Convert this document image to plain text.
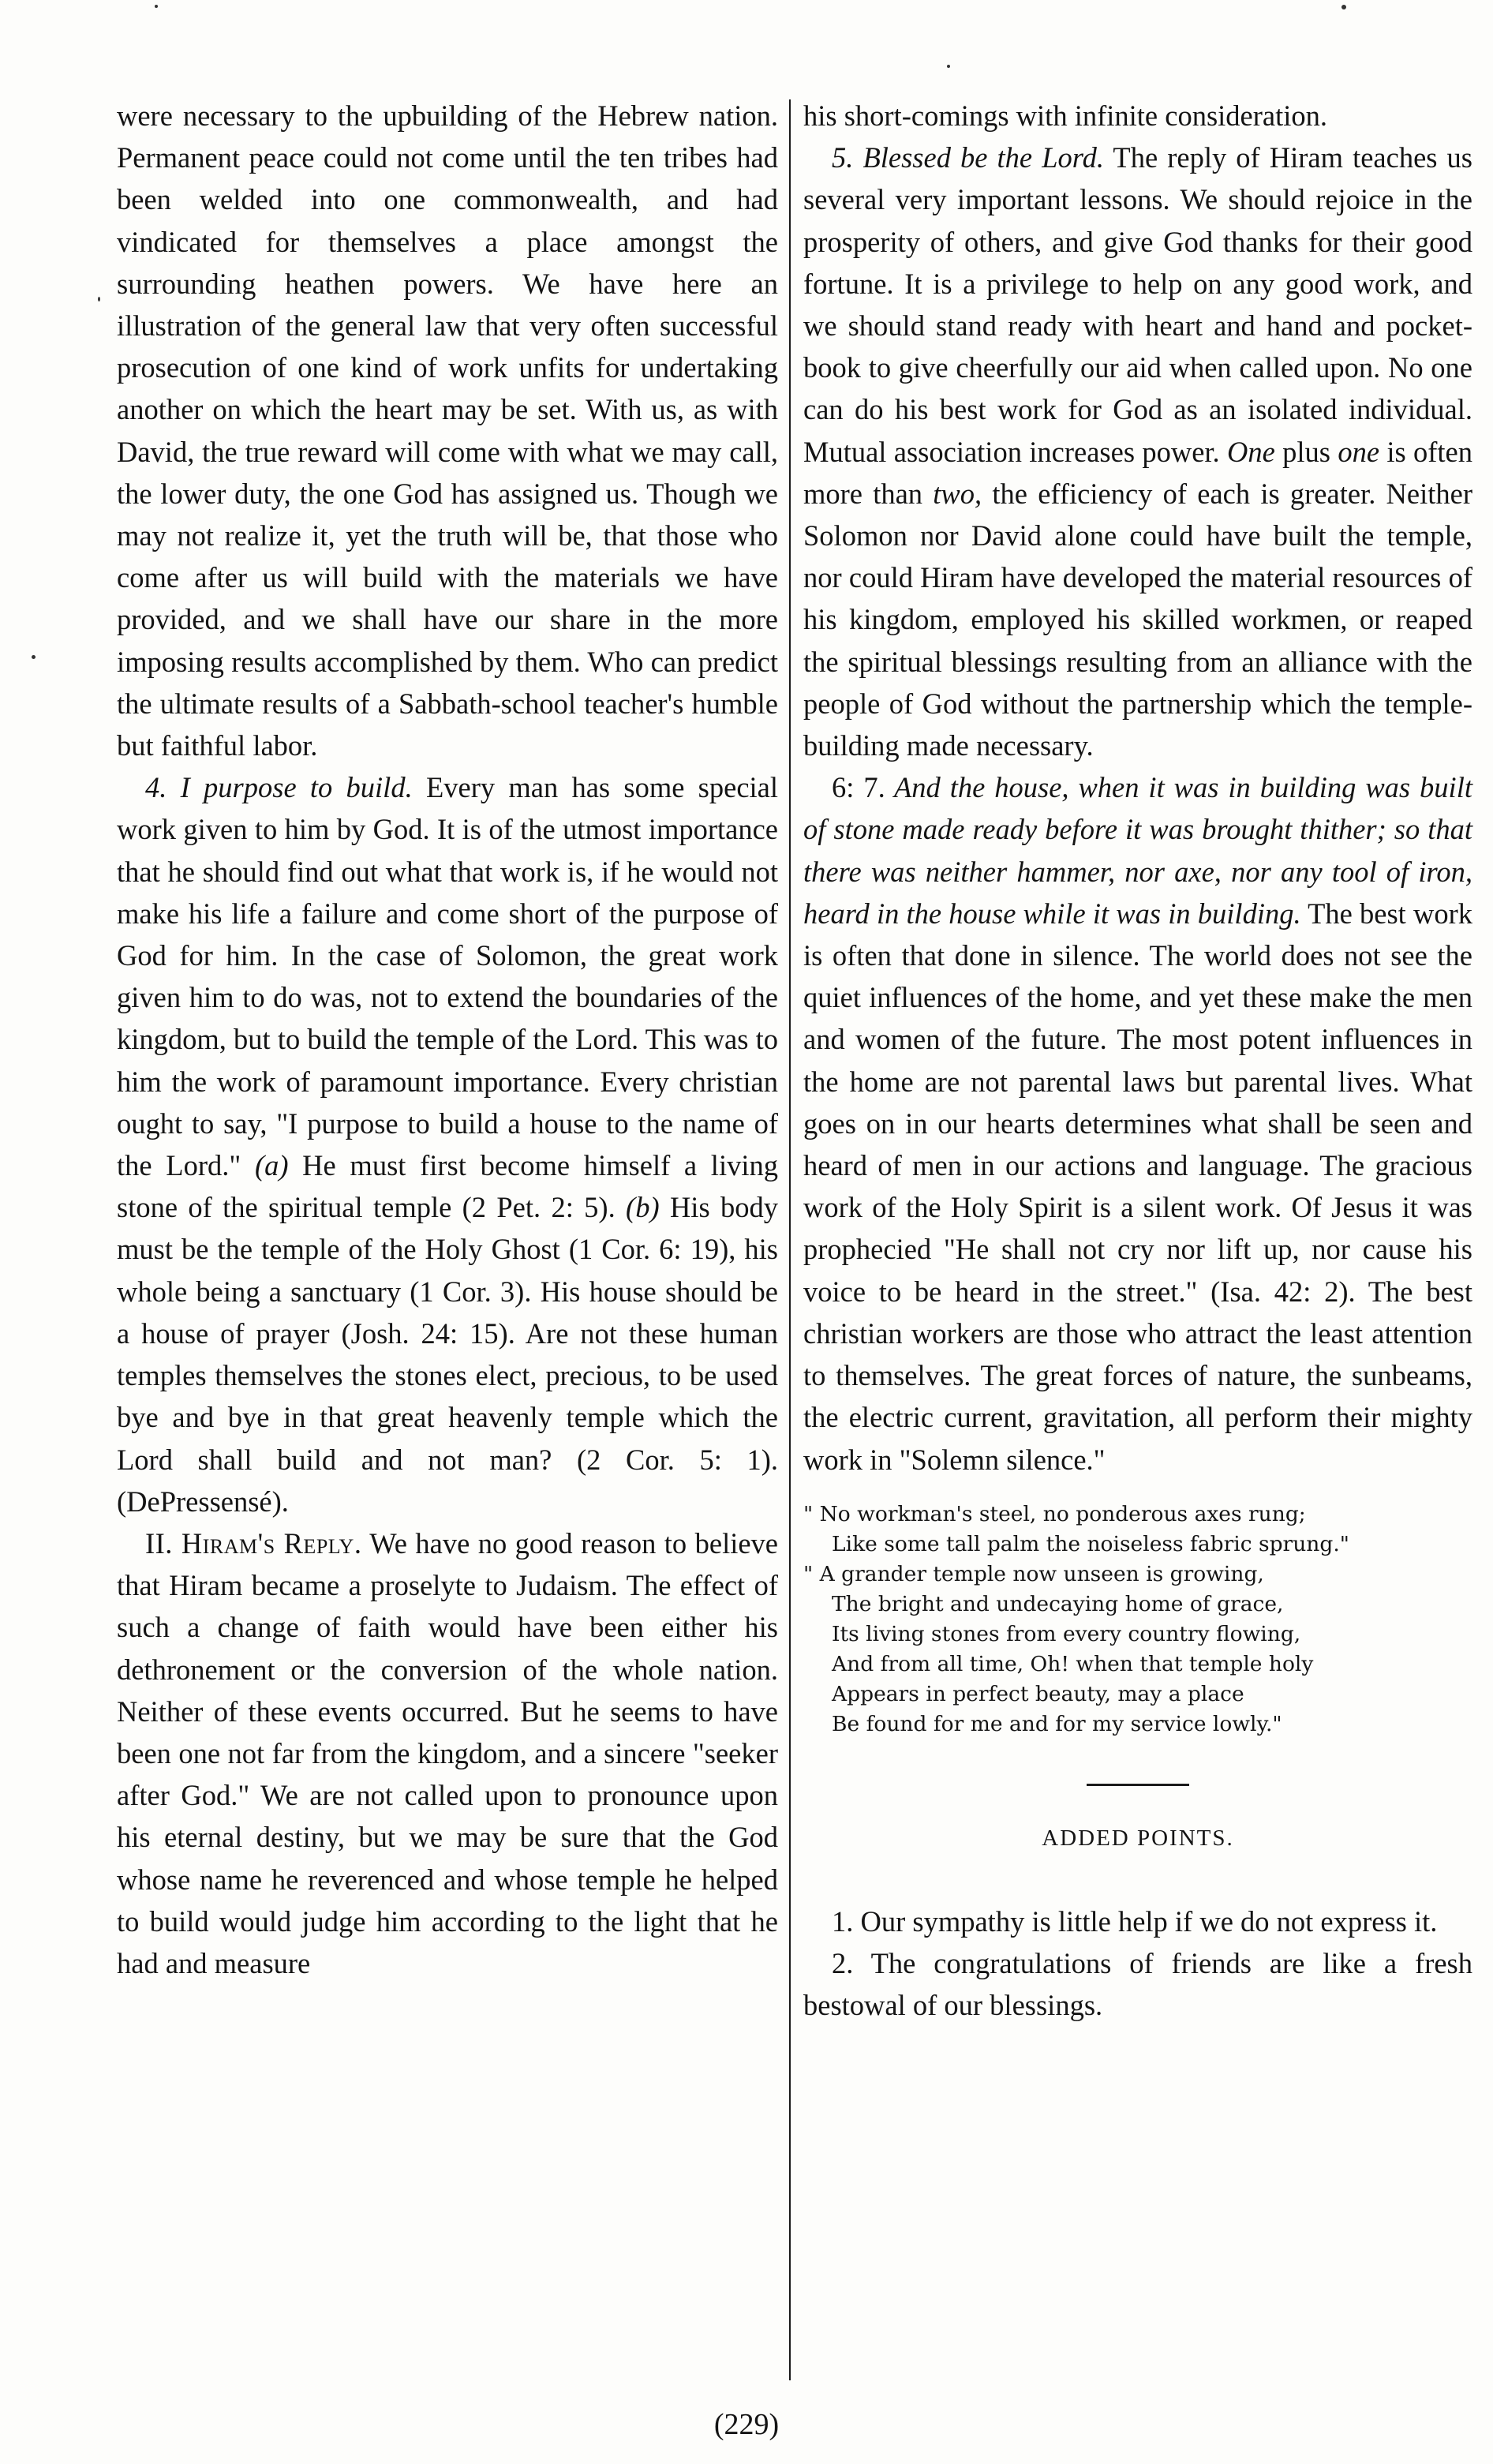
were necessary to the upbuilding of the Hebrew nation. Permanent peace could not come until the ten tribes had been welded into one commonwealth, and had vindicated for themselves a place amongst the surrounding heathen powers. We have here an illustration of the general law that very often successful prosecution of one kind of work unfits for undertaking another on which the heart may be set. With us, as with David, the true reward will come with what we may call, the lower duty, the one God has assigned us. Though we may not realize it, yet the truth will be, that those who come after us will build with the materials we have provided, and we shall have our share in the more imposing results accomplished by them. Who can predict the ultimate results of a Sabbath-school teacher's humble but faithful labor.

4. I purpose to build. Every man has some special work given to him by God. It is of the utmost importance that he should find out what that work is, if he would not make his life a failure and come short of the purpose of God for him. In the case of Solomon, the great work given him to do was, not to extend the boundaries of the kingdom, but to build the temple of the Lord. This was to him the work of paramount importance. Every christian ought to say, "I purpose to build a house to the name of the Lord." (a) He must first become himself a living stone of the spiritual temple (2 Pet. 2: 5). (b) His body must be the temple of the Holy Ghost (1 Cor. 6: 19), his whole being a sanctuary (1 Cor. 3). His house should be a house of prayer (Josh. 24: 15). Are not these human temples themselves the stones elect, precious, to be used bye and bye in that great heavenly temple which the Lord shall build and not man? (2 Cor. 5: 1). (DePressensé).

II. Hiram's Reply. We have no good reason to believe that Hiram became a proselyte to Judaism. The effect of such a change of faith would have been either his dethronement or the conversion of the whole nation. Neither of these events occurred. But he seems to have been one not far from the kingdom, and a sincere "seeker after God." We are not called upon to pronounce upon his eternal destiny, but we may be sure that the God whose name he reverenced and whose temple he helped to build would judge him according to the light that he had and measure

his short-comings with infinite consideration.

5. Blessed be the Lord. The reply of Hiram teaches us several very important lessons. We should rejoice in the prosperity of others, and give God thanks for their good fortune. It is a privilege to help on any good work, and we should stand ready with heart and hand and pocket-book to give cheerfully our aid when called upon. No one can do his best work for God as an isolated individual. Mutual association increases power. One plus one is often more than two, the efficiency of each is greater. Neither Solomon nor David alone could have built the temple, nor could Hiram have developed the material resources of his kingdom, employed his skilled workmen, or reaped the spiritual blessings resulting from an alliance with the people of God without the partnership which the temple-building made necessary.

6: 7. And the house, when it was in building was built of stone made ready before it was brought thither; so that there was neither hammer, nor axe, nor any tool of iron, heard in the house while it was in building. The best work is often that done in silence. The world does not see the quiet influences of the home, and yet these make the men and women of the future. The most potent influences in the home are not parental laws but parental lives. What goes on in our hearts determines what shall be seen and heard of men in our actions and language. The gracious work of the Holy Spirit is a silent work. Of Jesus it was prophecied "He shall not cry nor lift up, nor cause his voice to be heard in the street." (Isa. 42: 2). The best christian workers are those who attract the least attention to themselves. The great forces of nature, the sunbeams, the electric current, gravitation, all perform their mighty work in "Solemn silence."

" No workman's steel, no ponderous axes rung;
Like some tall palm the noiseless fabric sprung."
" A grander temple now unseen is growing,
The bright and undecaying home of grace,
Its living stones from every country flowing,
And from all time, Oh! when that temple holy
Appears in perfect beauty, may a place
Be found for me and for my service lowly."
ADDED POINTS.

1. Our sympathy is little help if we do not express it.

2. The congratulations of friends are like a fresh bestowal of our blessings.

(229)
